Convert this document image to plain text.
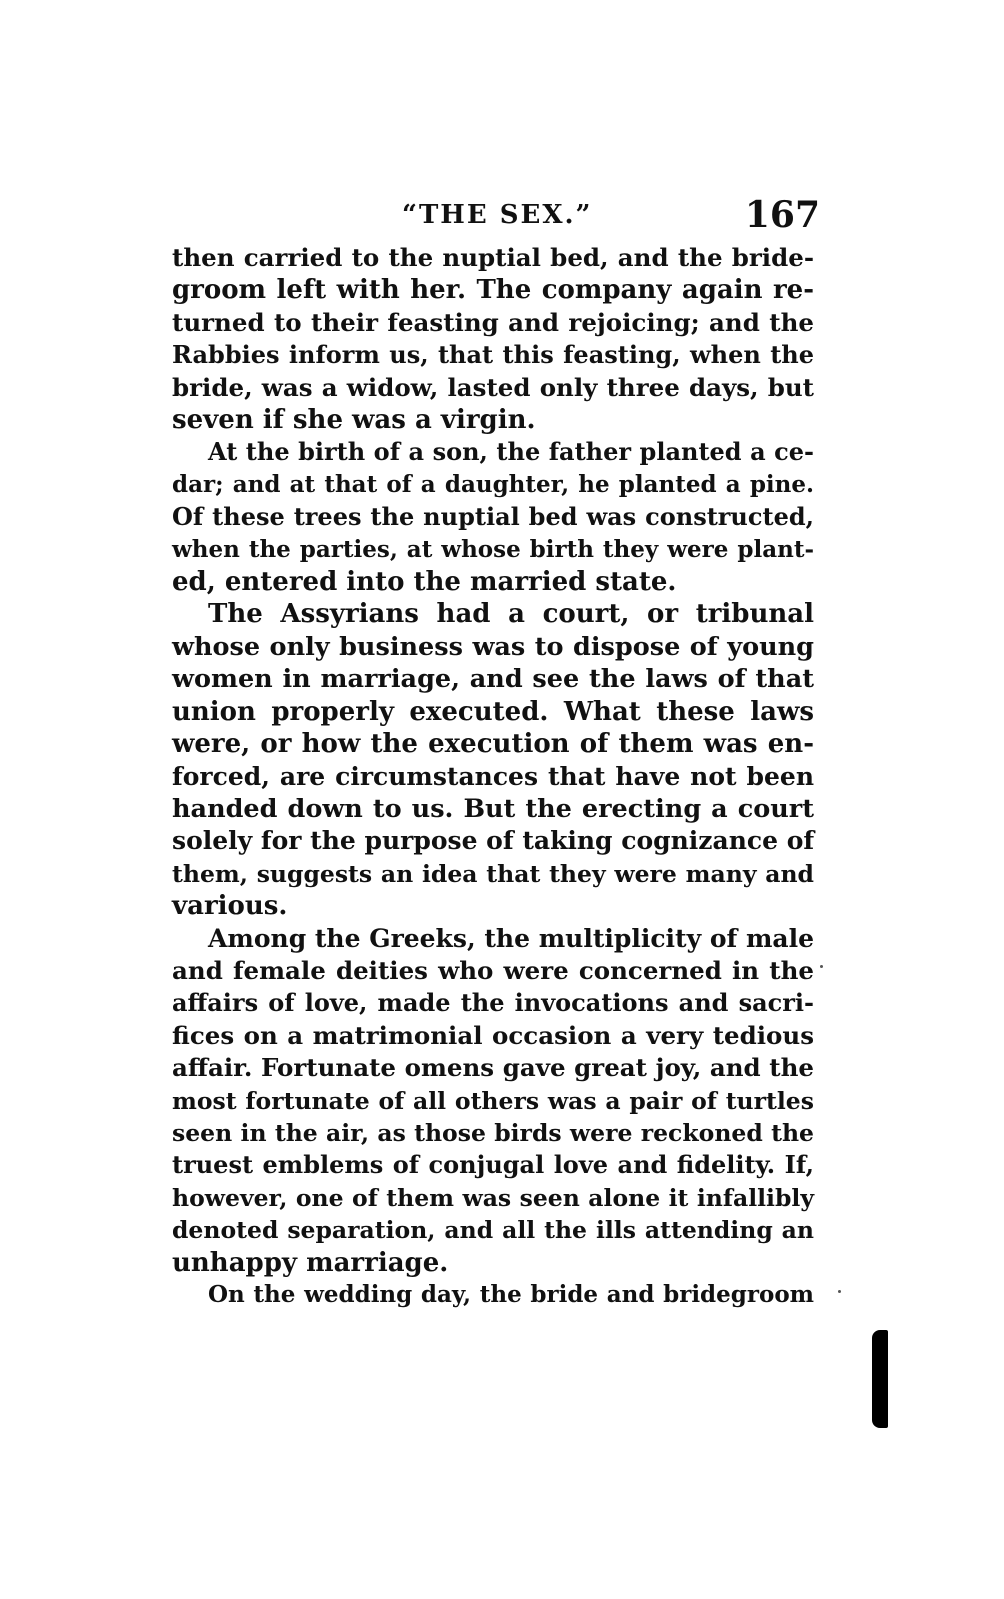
“THE SEX.”	167
then carried to the nuptial bed, and the bride-
groom left with her. The company again re-
turned to their feasting and rejoicing; and the
Rabbies inform us, that this feasting, when the
bride, was a widow, lasted only three days, but
seven if she was a virgin.
At the birth of a son, the father planted a ce-
dar; and at that of a daughter, he planted a pine.
Of these trees the nuptial bed was constructed,
when the parties, at whose birth they were plant-
ed, entered into the married state.
The Assyrians had a court, or tribunal
whose only business was to dispose of young
women in marriage, and see the laws of that
union properly executed. What these laws
were, or how the execution of them was en-
forced, are circumstances that have not been
handed down to us. But the erecting a court
solely for the purpose of taking cognizance of
them, suggests an idea that they were many and
various.
Among the Greeks, the multiplicity of male
and female deities who were concerned in the
affairs of love, made the invocations and sacri-
fices on a matrimonial occasion a very tedious
affair. Fortunate omens gave great joy, and the
most fortunate of all others was a pair of turtles
seen in the air, as those birds were reckoned the
truest emblems of conjugal love and fidelity. If,
however, one of them was seen alone it infallibly
denoted separation, and all the ills attending an
unhappy marriage.
On the wedding day, the bride and bridegroom
